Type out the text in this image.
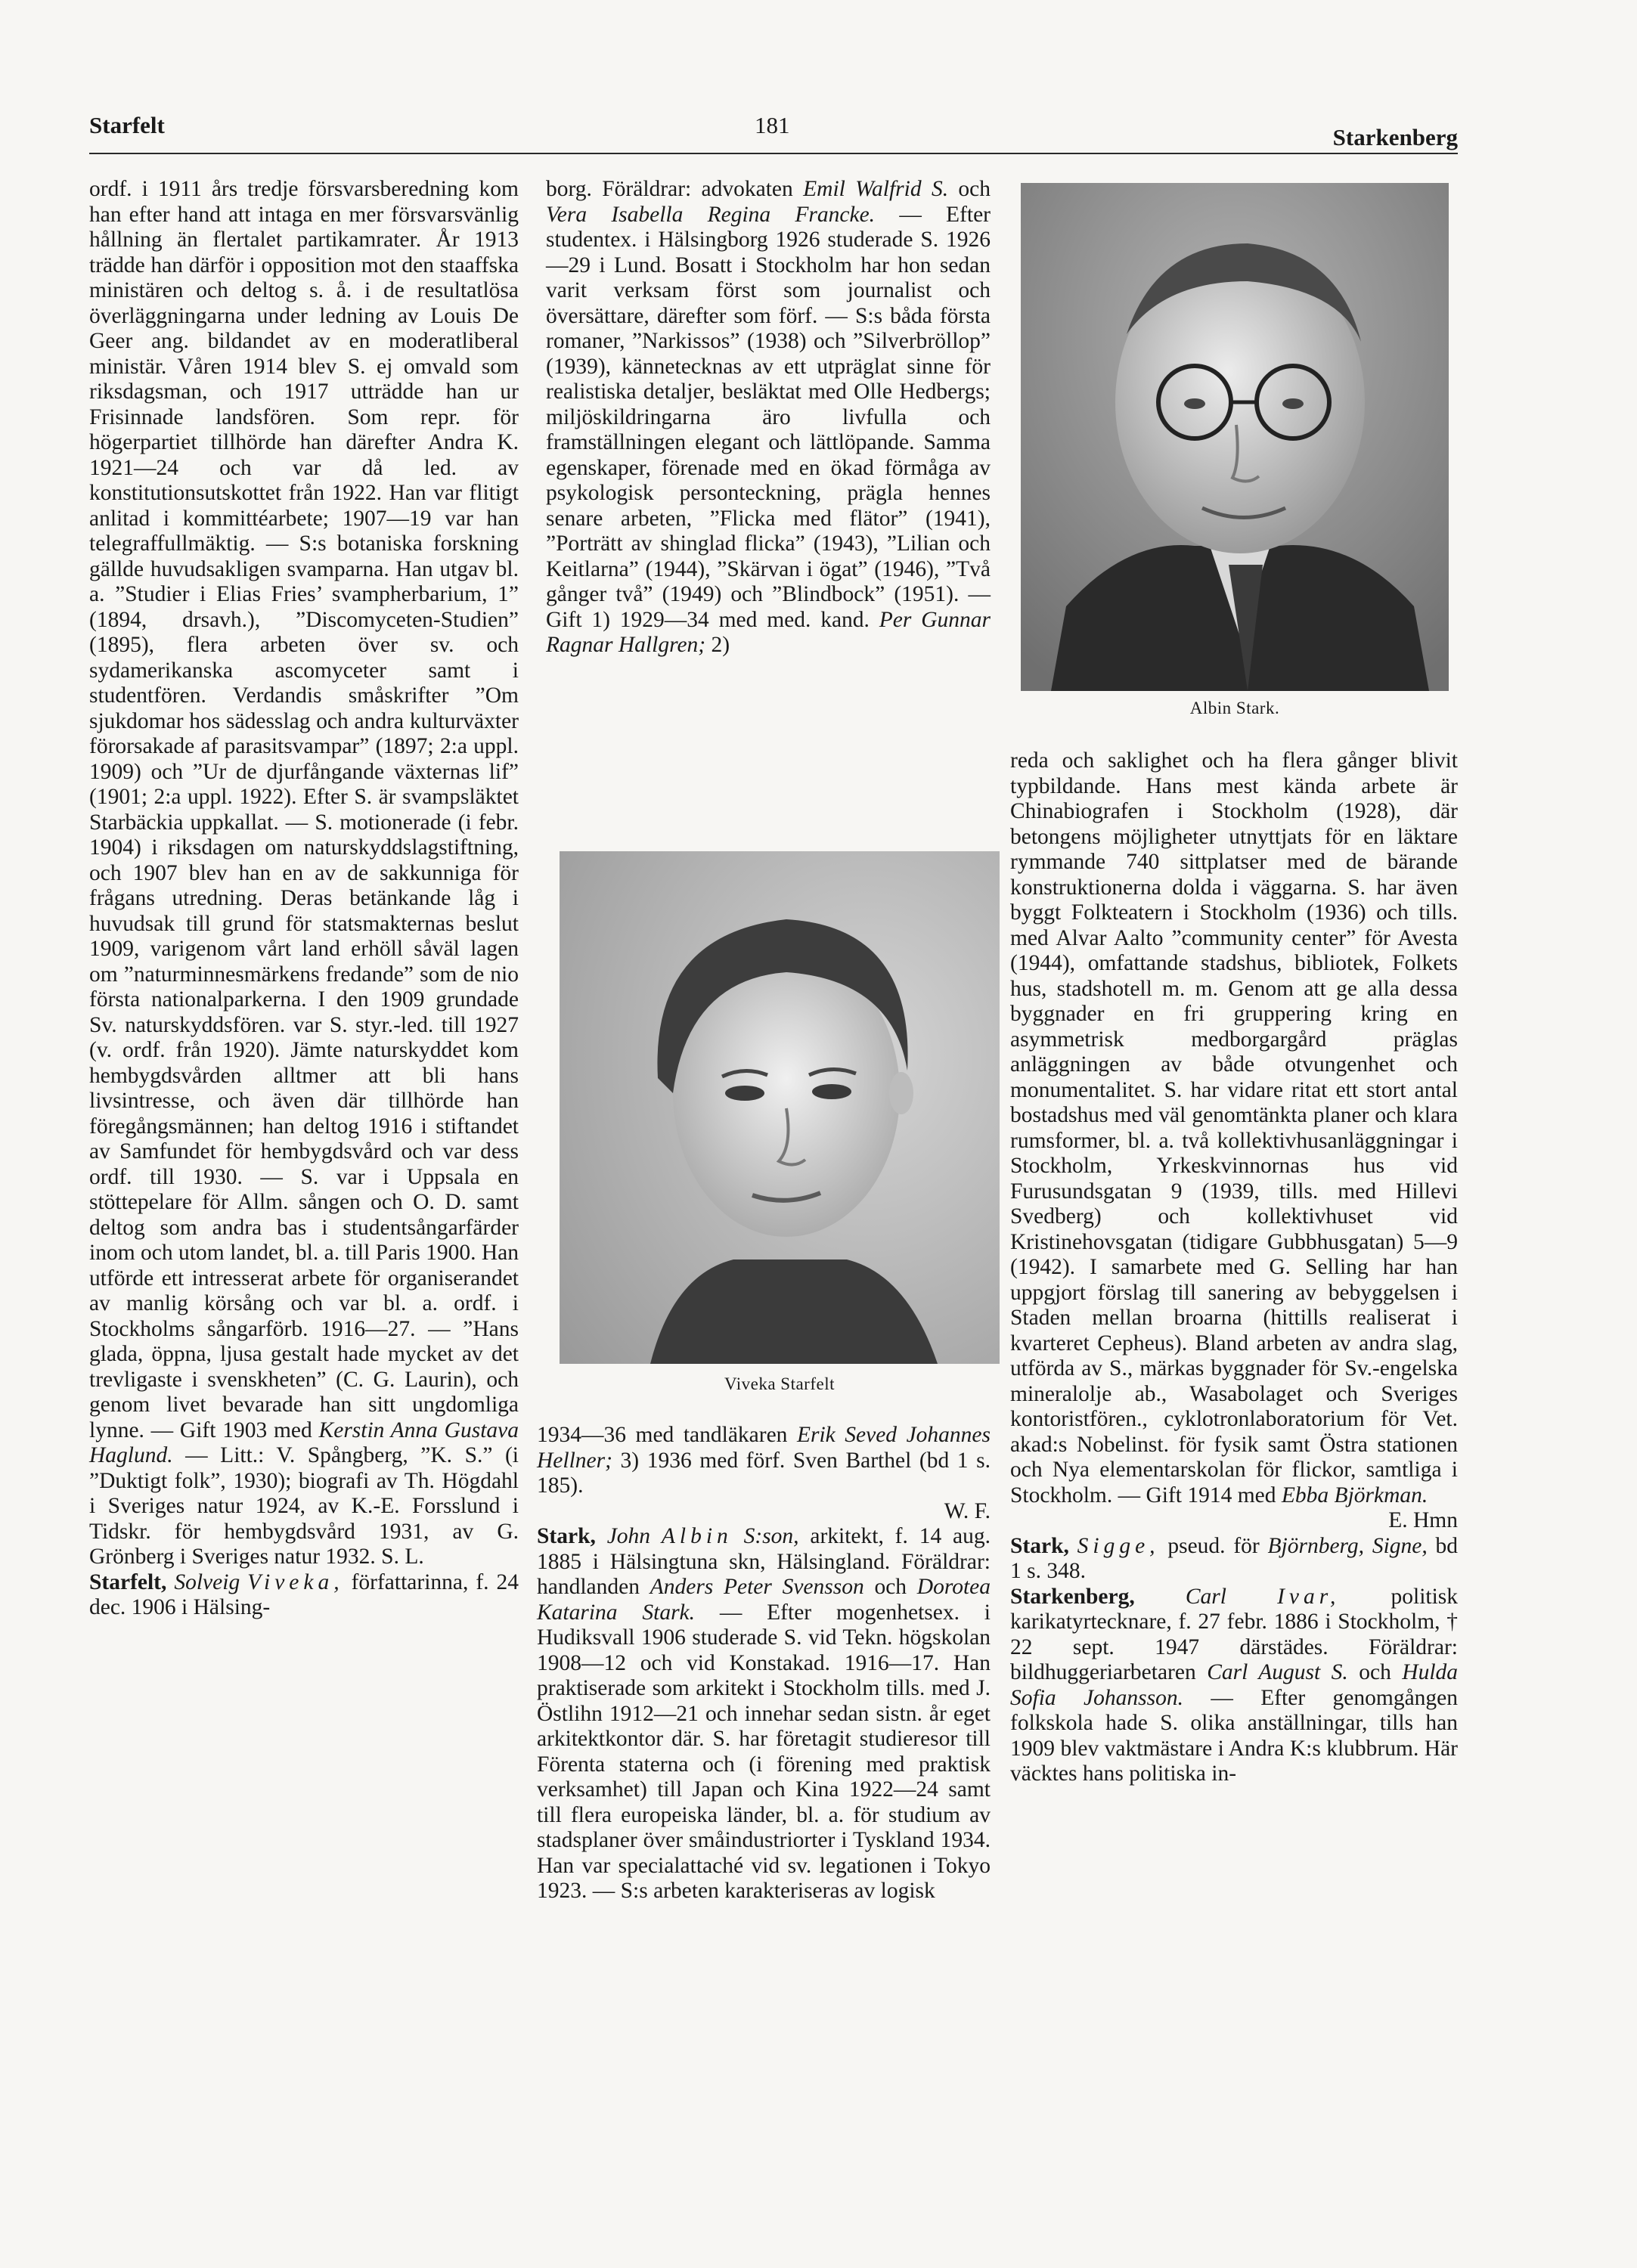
Starfelt	181	Starkenberg

ordf. i 1911 års tredje försvarsberedning kom han efter hand att intaga en mer försvarsvänlig hållning än flertalet partikamrater. År 1913 trädde han därför i opposition mot den staaffska ministären och deltog s. å. i de resultatlösa överläggningarna under ledning av Louis De Geer ang. bildandet av en moderatliberal ministär. Våren 1914 blev S. ej omvald som riksdagsman, och 1917 utträdde han ur Frisinnade landsfören. Som repr. för högerpartiet tillhörde han därefter Andra K. 1921—24 och var då led. av konstitutionsutskottet från 1922. Han var flitigt anlitad i kommittéarbete; 1907—19 var han telegraffullmäktig. — S:s botaniska forskning gällde huvudsakligen svamparna. Han utgav bl. a. ”Studier i Elias Fries’ svampherbarium, 1” (1894, drsavh.), ”Discomyceten-Studien” (1895), flera arbeten över sv. och sydamerikanska ascomyceter samt i studentfören. Verdandis småskrifter ”Om sjukdomar hos sädesslag och andra kulturväxter förorsakade af parasitsvampar” (1897; 2:a uppl. 1909) och ”Ur de djurfångande växternas lif” (1901; 2:a uppl. 1922). Efter S. är svampsläktet Starbäckia uppkallat. — S. motionerade (i febr. 1904) i riksdagen om naturskyddslagstiftning, och 1907 blev han en av de sakkunniga för frågans utredning. Deras betänkande låg i huvudsak till grund för statsmakternas beslut 1909, varigenom vårt land erhöll såväl lagen om ”naturminnesmärkens fredande” som de nio första nationalparkerna. I den 1909 grundade Sv. naturskyddsfören. var S. styr.-led. till 1927 (v. ordf. från 1920). Jämte naturskyddet kom hembygdsvården alltmer att bli hans livsintresse, och även där tillhörde han föregångsmännen; han deltog 1916 i stiftandet av Samfundet för hembygdsvård och var dess ordf. till 1930. — S. var i Uppsala en stöttepelare för Allm. sången och O. D. samt deltog som andra bas i studentsångarfärder inom och utom landet, bl. a. till Paris 1900. Han utförde ett intresserat arbete för organiserandet av manlig körsång och var bl. a. ordf. i Stockholms sångarförb. 1916—27. — ”Hans glada, öppna, ljusa gestalt hade mycket av det trevligaste i svenskheten” (C. G. Laurin), och genom livet bevarade han sitt ungdomliga lynne. — Gift 1903 med Kerstin Anna Gustava Haglund. — Litt.: V. Spångberg, ”K. S.” (i ”Duktigt folk”, 1930); biografi av Th. Högdahl i Sveriges natur 1924, av K.-E. Forsslund i Tidskr. för hembygdsvård 1931, av G. Grönberg i Sveriges natur 1932. S. L.

Starfelt, Solveig Viveka, författarinna, f. 24 dec. 1906 i Hälsing-

borg. Föräldrar: advokaten Emil Walfrid S. och Vera Isabella Regina Francke. — Efter studentex. i Hälsingborg 1926 studerade S. 1926—29 i Lund. Bosatt i Stockholm har hon sedan varit verksam först som journalist och översättare, därefter som förf. — S:s båda första romaner, ”Narkissos” (1938) och ”Silverbröllop” (1939), kännetecknas av ett utpräglat sinne för realistiska detaljer, besläktat med Olle Hedbergs; miljöskildringarna äro livfulla och framställningen elegant och lättlöpande. Samma egenskaper, förenade med en ökad förmåga av psykologisk personteckning, prägla hennes senare arbeten, ”Flicka med flätor” (1941), ”Porträtt av shinglad flicka” (1943), ”Lilian och Keitlarna” (1944), ”Skärvan i ögat” (1946), ”Två gånger två” (1949) och ”Blindbock” (1951). — Gift 1) 1929—34 med med. kand. Per Gunnar Ragnar Hallgren; 2)

Albin Stark.
Viveka Starfelt

1934—36 med tandläkaren Erik Seved Johannes Hellner; 3) 1936 med förf. Sven Barthel (bd 1 s. 185).

W. F.

Stark, John Albin S:son, arkitekt, f. 14 aug. 1885 i Hälsingtuna skn, Hälsingland. Föräldrar: handlanden Anders Peter Svensson och Dorotea Katarina Stark. — Efter mogenhetsex. i Hudiksvall 1906 studerade S. vid Tekn. högskolan 1908—12 och vid Konstakad. 1916—17. Han praktiserade som arkitekt i Stockholm tills. med J. Östlihn 1912—21 och innehar sedan sistn. år eget arkitektkontor där. S. har företagit studieresor till Förenta staterna och (i förening med praktisk verksamhet) till Japan och Kina 1922—24 samt till flera europeiska länder, bl. a. för studium av stadsplaner över småindustriorter i Tyskland 1934. Han var specialattaché vid sv. legationen i Tokyo 1923. — S:s arbeten karakteriseras av logisk

reda och saklighet och ha flera gånger blivit typbildande. Hans mest kända arbete är Chinabiografen i Stockholm (1928), där betongens möjligheter utnyttjats för en läktare rymmande 740 sittplatser med de bärande konstruktionerna dolda i väggarna. S. har även byggt Folkteatern i Stockholm (1936) och tills. med Alvar Aalto ”community center” för Avesta (1944), omfattande stadshus, bibliotek, Folkets hus, stadshotell m. m. Genom att ge alla dessa byggnader en fri gruppering kring en asymmetrisk medborgargård präglas anläggningen av både otvungenhet och monumentalitet. S. har vidare ritat ett stort antal bostadshus med väl genomtänkta planer och klara rumsformer, bl. a. två kollektivhusanläggningar i Stockholm, Yrkeskvinnornas hus vid Furusundsgatan 9 (1939, tills. med Hillevi Svedberg) och kollektivhuset vid Kristinehovsgatan (tidigare Gubbhusgatan) 5—9 (1942). I samarbete med G. Selling har han uppgjort förslag till sanering av bebyggelsen i Staden mellan broarna (hittills realiserat i kvarteret Cepheus). Bland arbeten av andra slag, utförda av S., märkas byggnader för Sv.-engelska mineralolje ab., Wasabolaget och Sveriges kontoristfören., cyklotronlaboratorium för Vet. akad:s Nobelinst. för fysik samt Östra stationen och Nya elementarskolan för flickor, samtliga i Stockholm. — Gift 1914 med Ebba Björkman.
E. Hmn

Stark, Sigge, pseud. för Björnberg, Signe, bd 1 s. 348.

Starkenberg, Carl Ivar, politisk karikatyrtecknare, f. 27 febr. 1886 i Stockholm, † 22 sept. 1947 därstädes. Föräldrar: bildhuggeriarbetaren Carl August S. och Hulda Sofia Johansson. — Efter genomgången folkskola hade S. olika anställningar, tills han 1909 blev vaktmästare i Andra K:s klubbrum. Här väcktes hans politiska in-
